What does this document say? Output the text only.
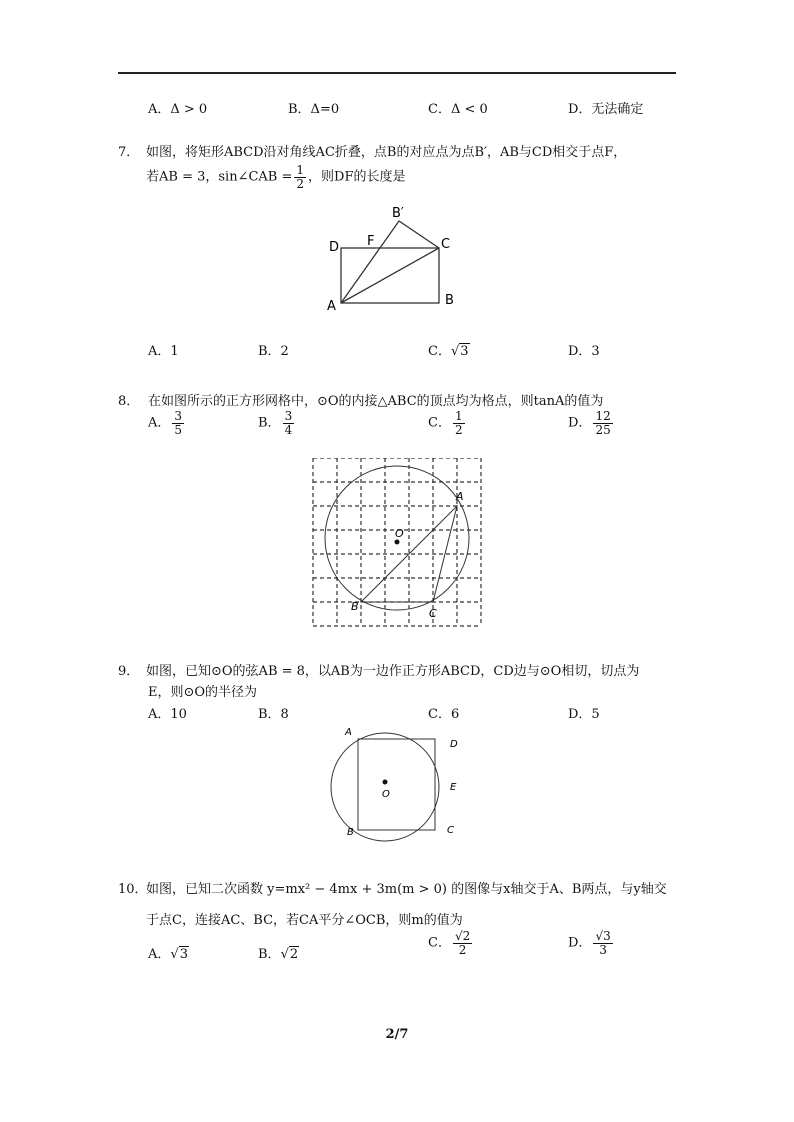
A．Δ > 0	B．Δ=0	C．Δ < 0	D．无法确定
7． 如图，将矩形ABCD沿对角线AC折叠，点B的对应点为点B′，AB与CD相交于点F，
若AB = 3，sin∠CAB = $\frac{1}{2}$ ，则DF的长度是
D F
B′
C
A	B
A．1	B．2	C．√3	D．3
8． 在如图所示的正方形网格中，⊙O的内接△ABC的顶点均为格点，则tanA的值为
A． $\frac{3}{5}$	B． $\frac{3}{4}$	C． $\frac{1}{2}$	D． $\frac{12}{25}$
A
B
C
O
9． 如图，已知⊙O的弦AB = 8，以AB为一边作正方形ABCD，CD边与⊙O相切，切点为
E，则⊙O的半径为
A．10	B．8	C．6	D．5
A
D
E
O
B	C
10．
如图，已知二次函数 y=mx² − 4mx + 3m(m > 0) 的图像与x轴交于A、B两点，与y轴交
于点C，连接AC、BC，若CA平分∠OCB，则m的值为
A．√3	B．√2
C． $\frac{√2}{2}$	D． $\frac{√3}{3}$
2/7
